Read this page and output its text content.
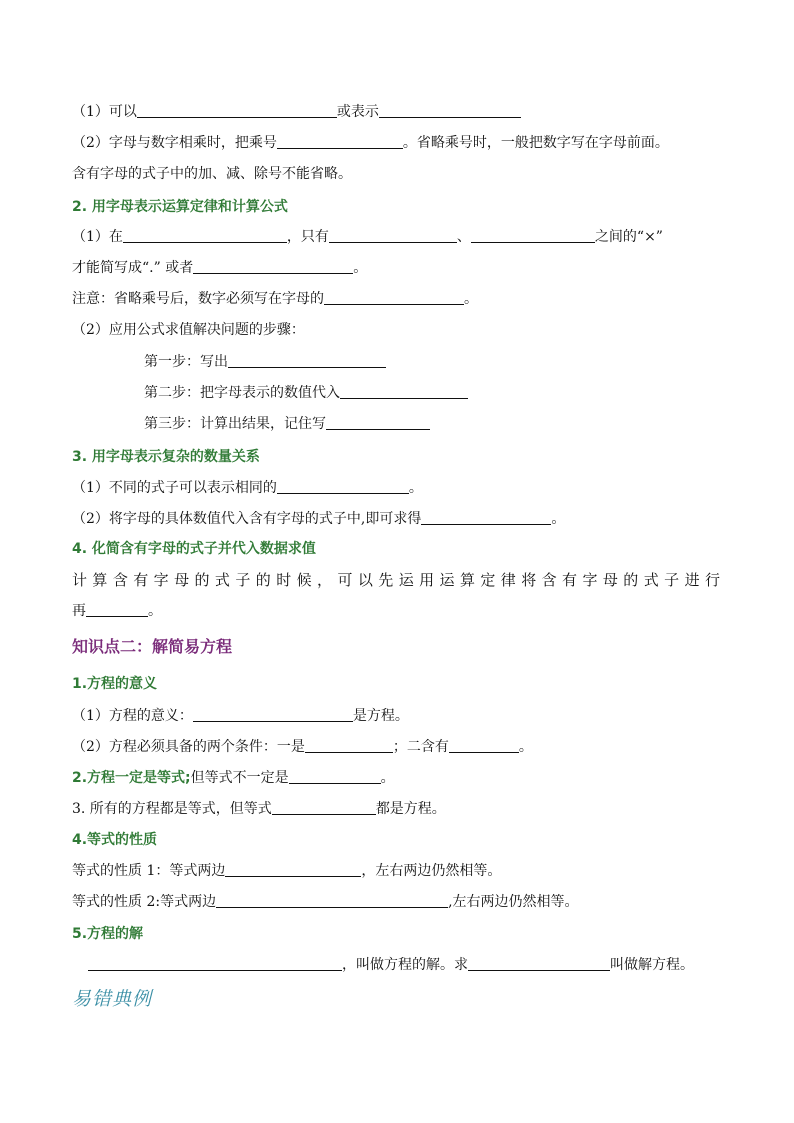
（1）可以	或表示
（2）字母与数字相乘时，把乘号	。省略乘号时，一般把数字写在字母前面。
含有字母的式子中的加、减、除号不能省略。
2. 用字母表示运算定律和计算公式
（1）在	，只有	、	之间的“×”
才能简写成“.” 或者	。
注意：省略乘号后，数字必须写在字母的	。
（2）应用公式求值解决问题的步骤：
第一步：写出
第二步：把字母表示的数值代入
第三步：计算出结果，记住写
3. 用字母表示复杂的数量关系
（1）不同的式子可以表示相同的	。
（2）将字母的具体数值代入含有字母的式子中,即可求得	。
4. 化简含有字母的式子并代入数据求值
计算含有字母的式子的时候，可以先运用运算定律将含有字母的式子进行
再	。
知识点二：解简易方程
1.方程的意义
（1）方程的意义：	是方程。
（2）方程必须具备的两个条件：一是	；二含有	。
2.方程一定是等式;但等式不一定是	。
3. 所有的方程都是等式，但等式	都是方程。
4.等式的性质
等式的性质 1：等式两边	，左右两边仍然相等。
等式的性质 2:等式两边	,左右两边仍然相等。
5.方程的解
，叫做方程的解。求	叫做解方程。
易错典例
